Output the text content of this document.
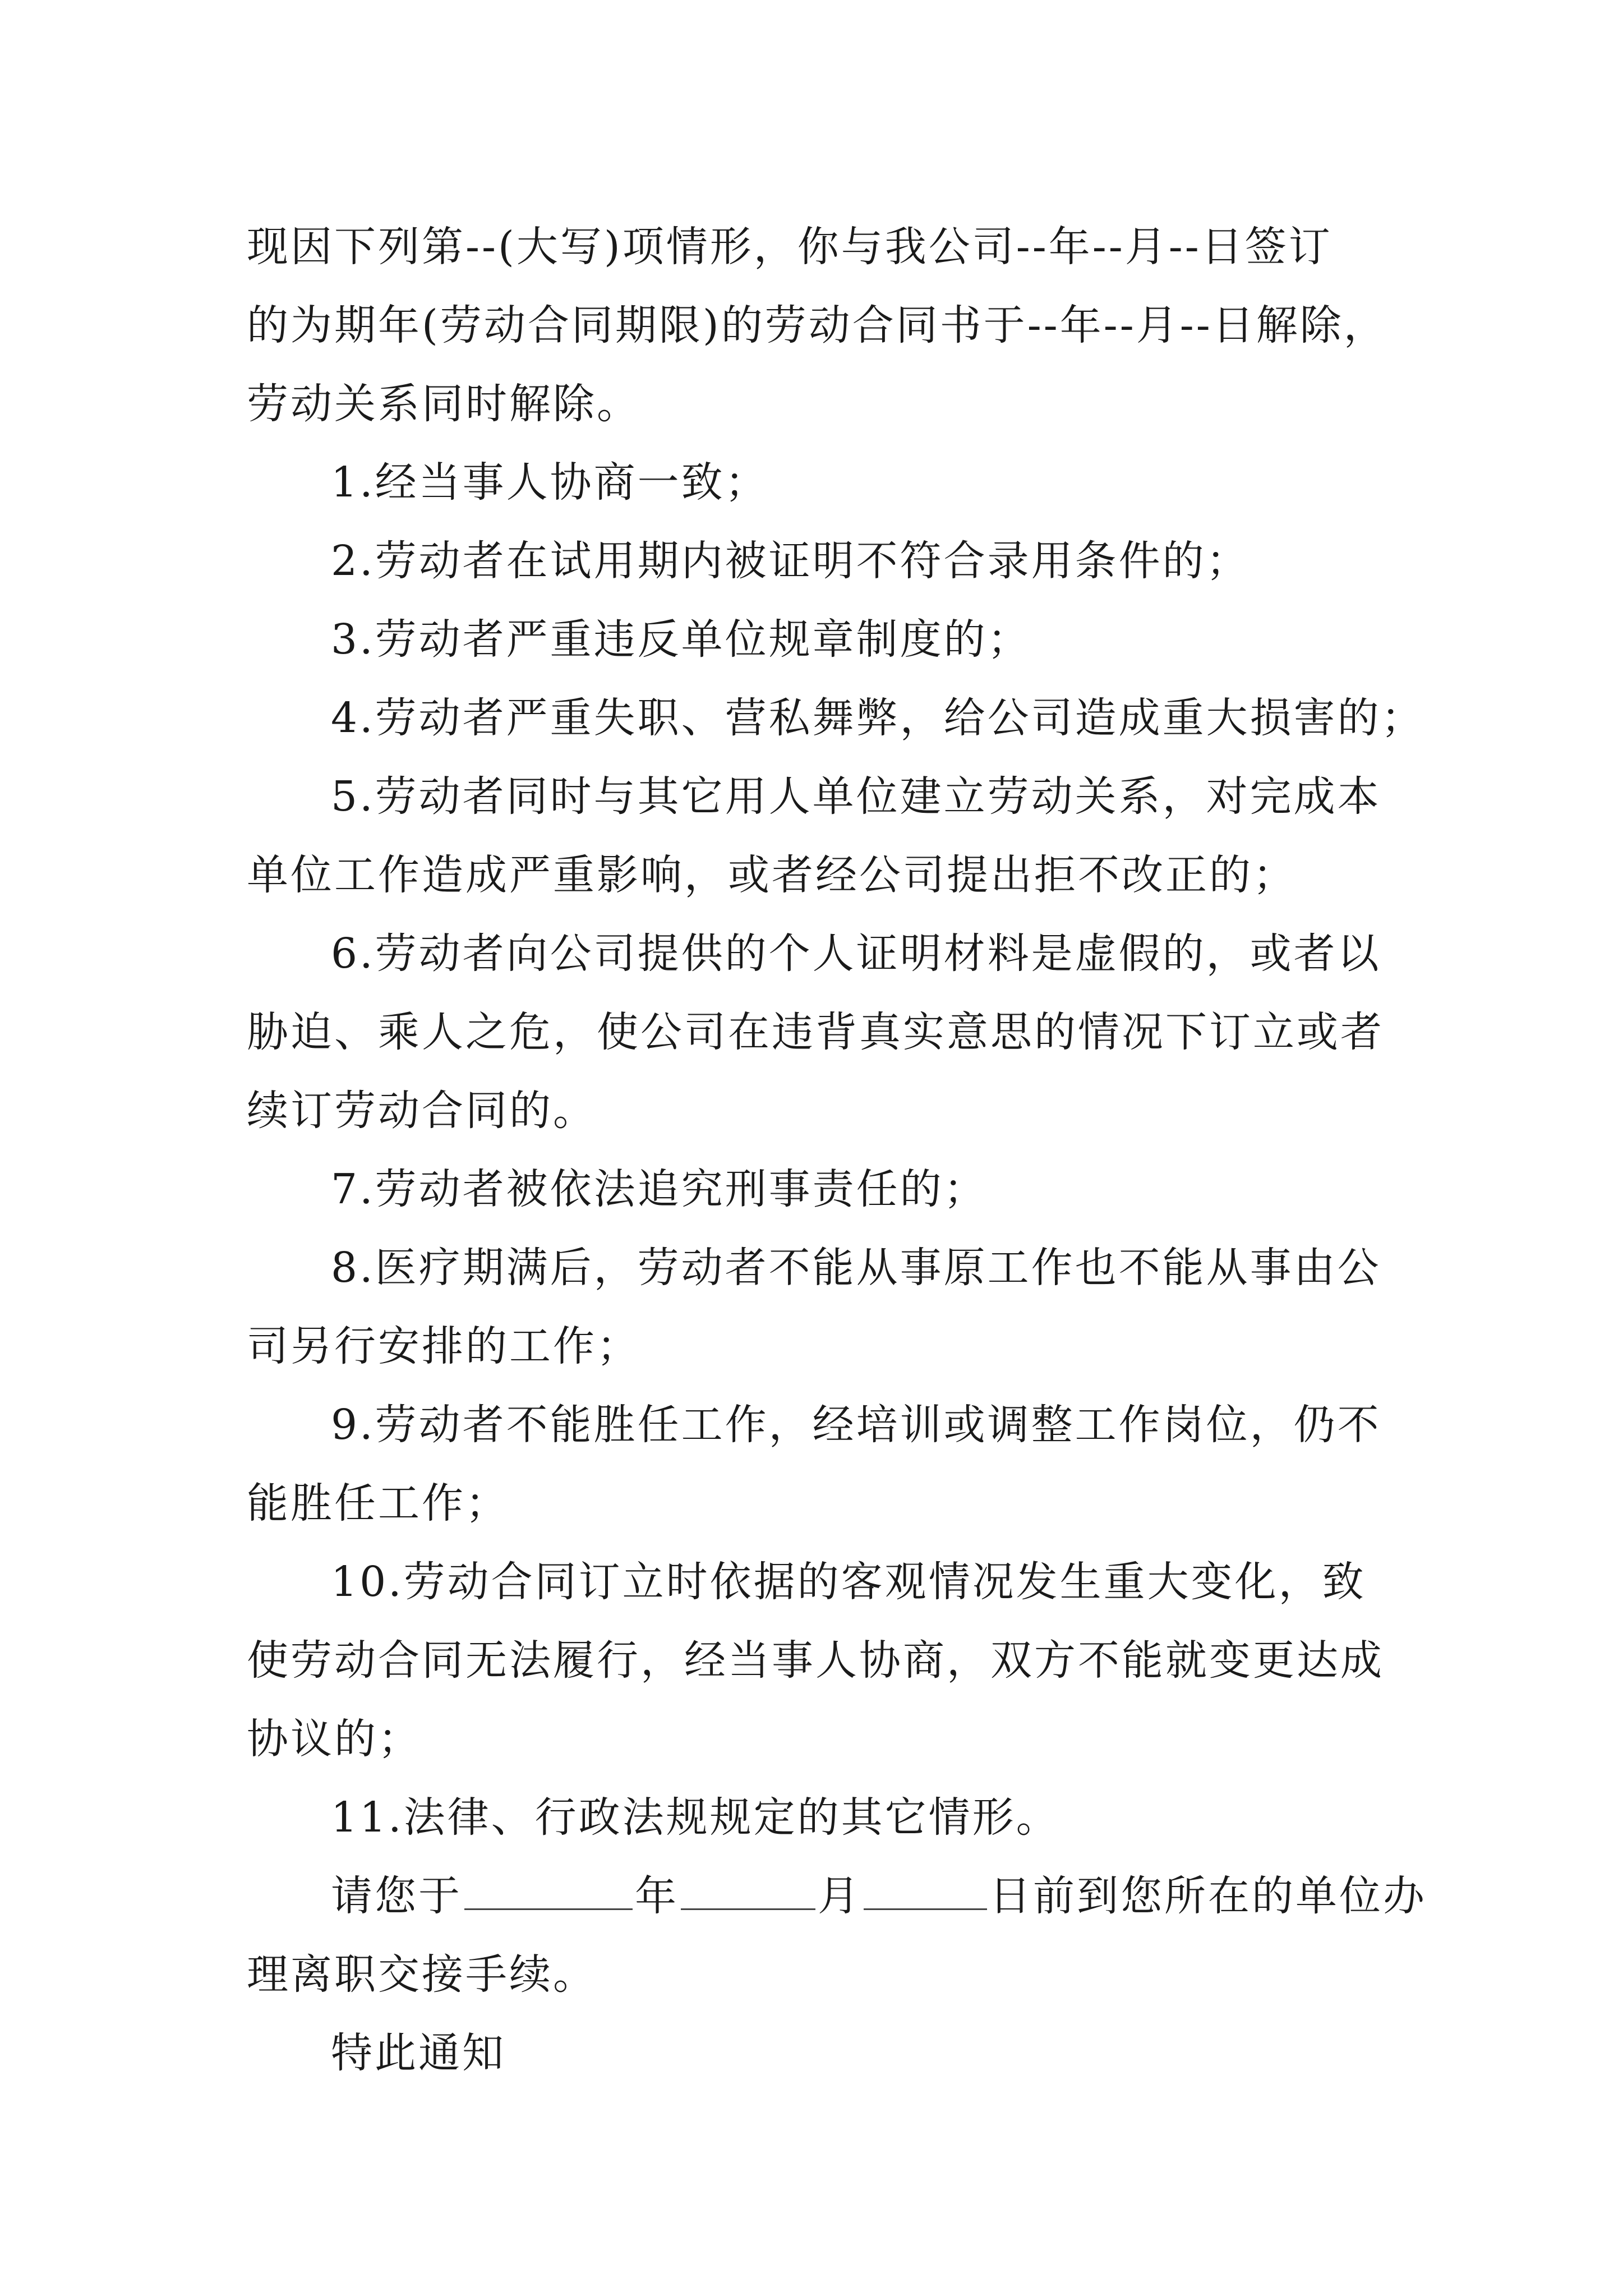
现因下列第--(大写)项情形，你与我公司--年--月--日签订
的为期年(劳动合同期限)的劳动合同书于--年--月--日解除，
劳动关系同时解除。
1.经当事人协商一致；
2.劳动者在试用期内被证明不符合录用条件的；
3.劳动者严重违反单位规章制度的；
4.劳动者严重失职、营私舞弊，给公司造成重大损害的；
5.劳动者同时与其它用人单位建立劳动关系，对完成本
单位工作造成严重影响，或者经公司提出拒不改正的；
6.劳动者向公司提供的个人证明材料是虚假的，或者以
胁迫、乘人之危，使公司在违背真实意思的情况下订立或者
续订劳动合同的。
7.劳动者被依法追究刑事责任的；
8.医疗期满后，劳动者不能从事原工作也不能从事由公
司另行安排的工作；
9.劳动者不能胜任工作，经培训或调整工作岗位，仍不
能胜任工作；
10.劳动合同订立时依据的客观情况发生重大变化，致
使劳动合同无法履行，经当事人协商，双方不能就变更达成
协议的；
11.法律、行政法规规定的其它情形。
请您于	年	月	日前到您所在的单位办
理离职交接手续。
特此通知
